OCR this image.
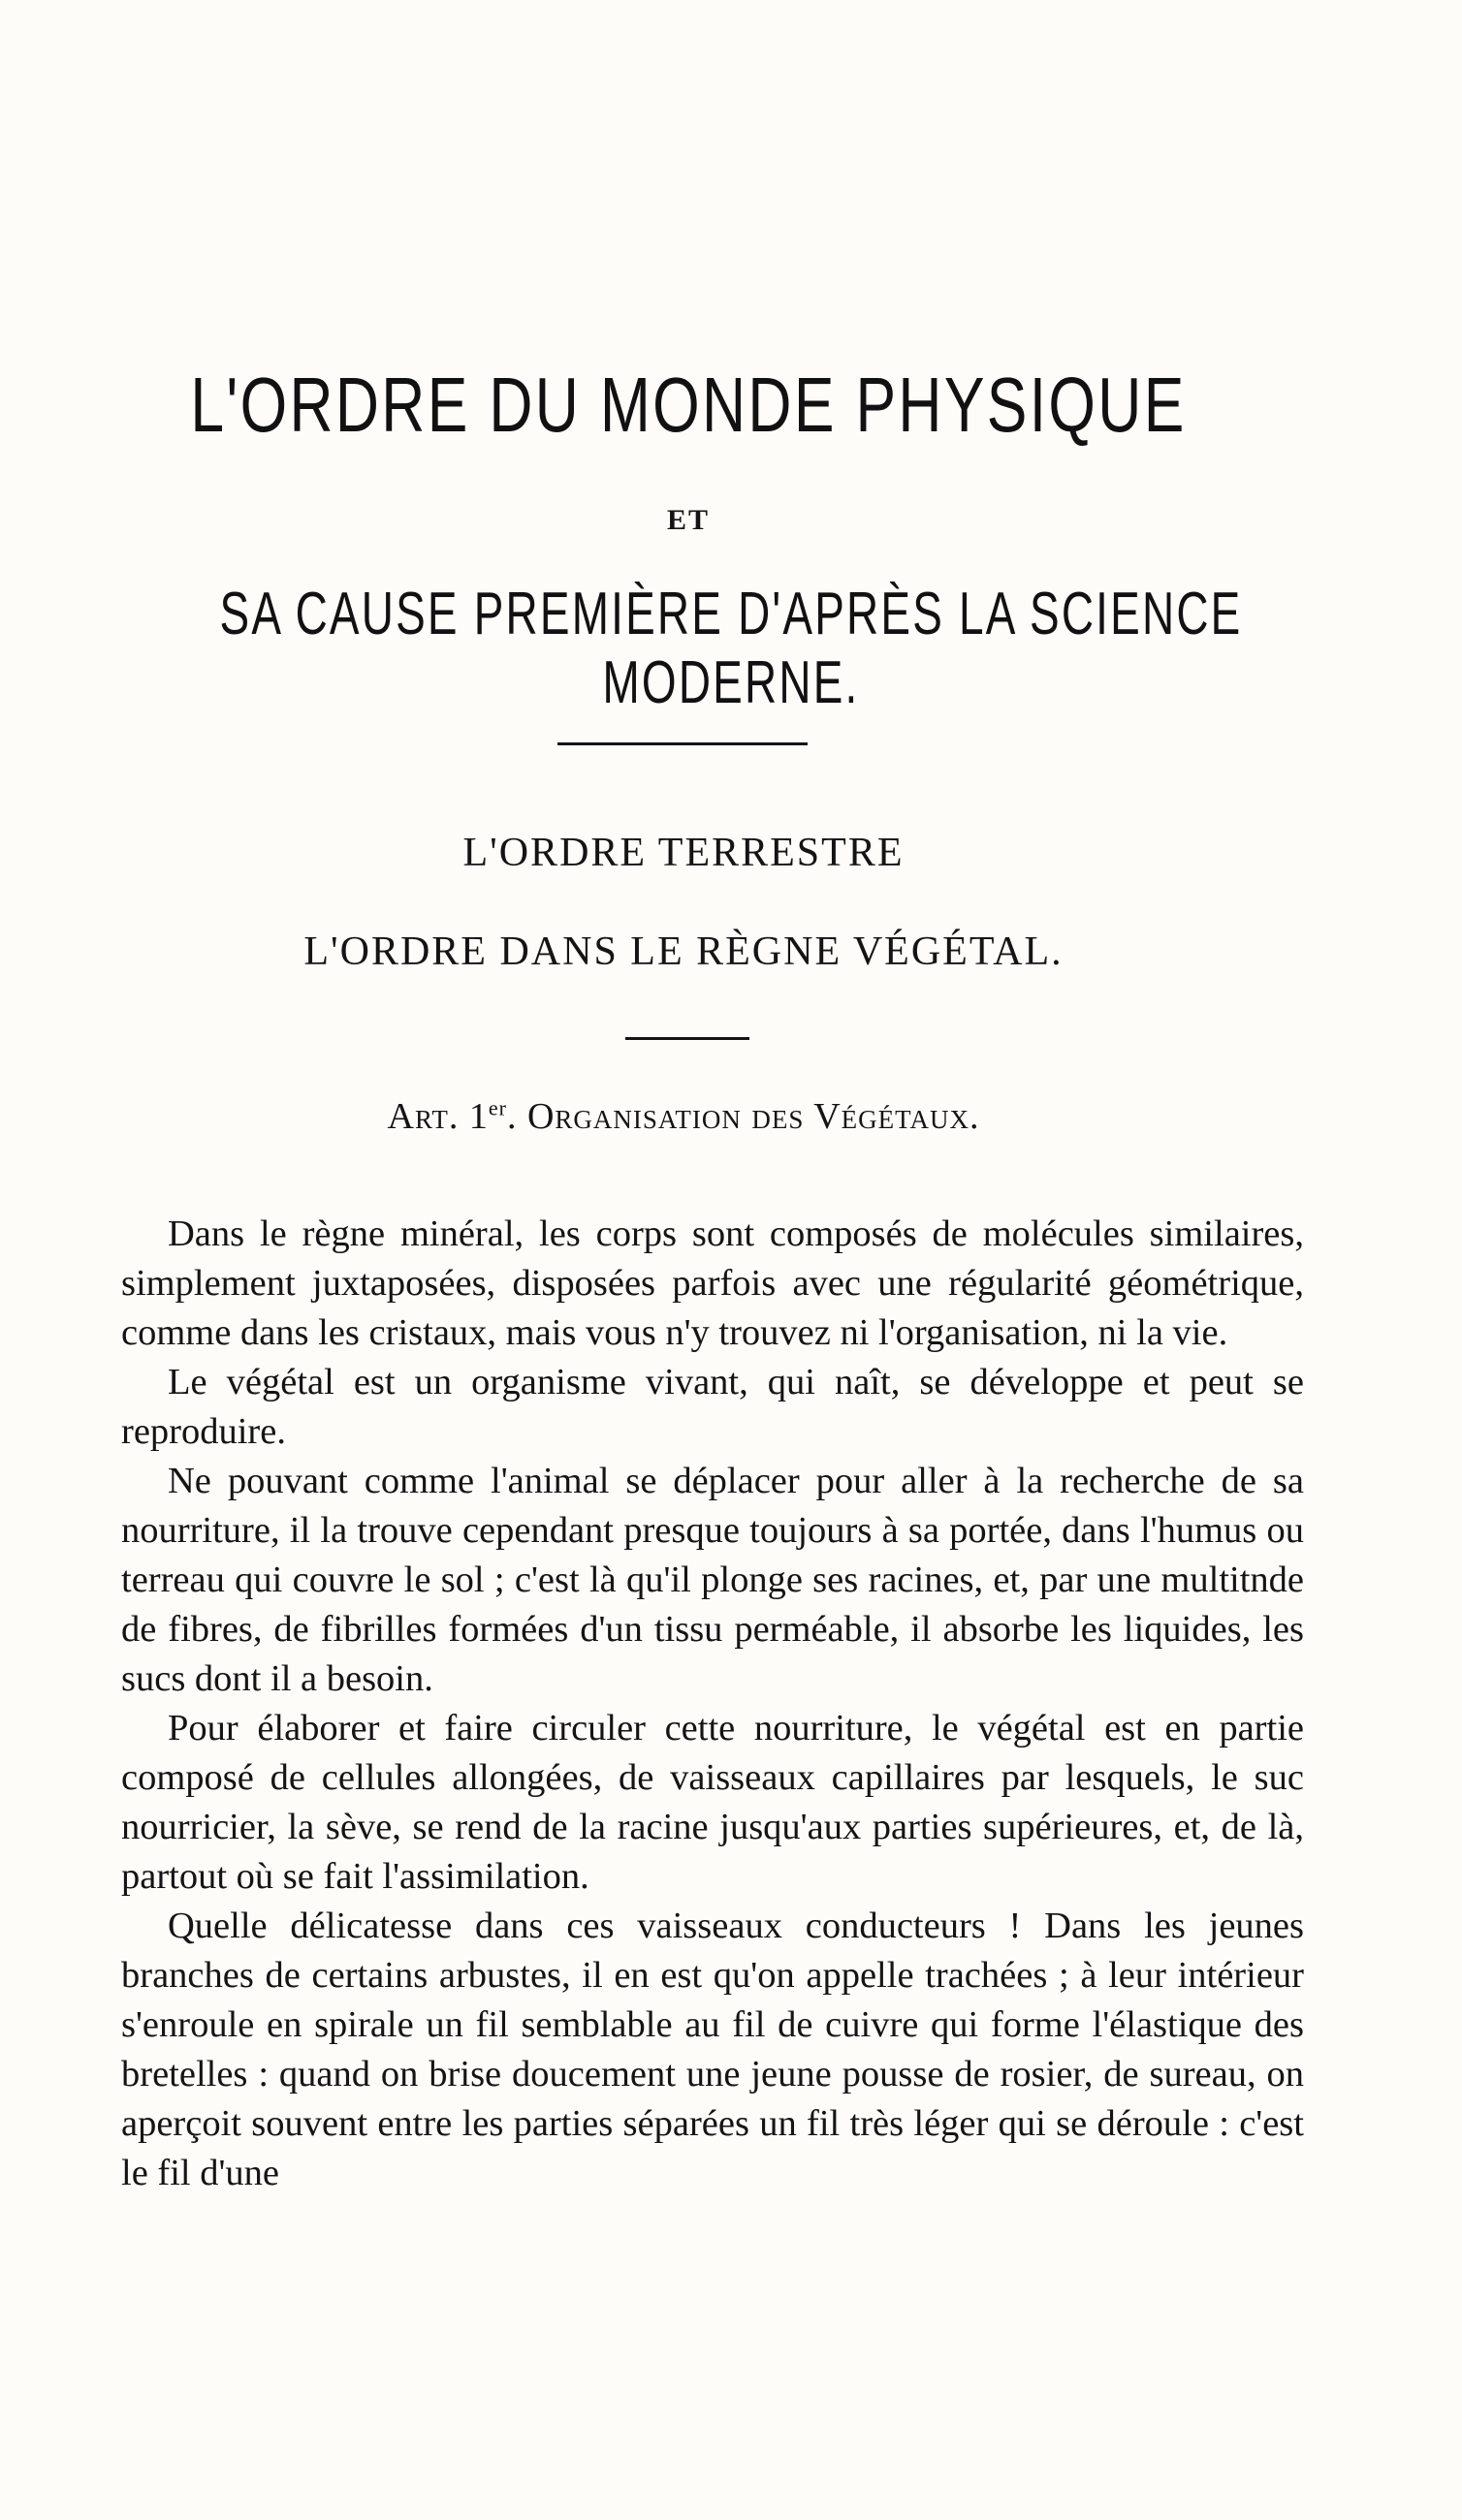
L'ORDRE DU MONDE PHYSIQUE
ET
SA CAUSE PREMIÈRE D'APRÈS LA SCIENCE MODERNE.
L'ORDRE TERRESTRE
L'ORDRE DANS LE RÈGNE VÉGÉTAL.
Art. 1er. Organisation des Végétaux.

Dans le règne minéral, les corps sont composés de molécules similaires, simplement juxtaposées, disposées parfois avec une régularité géométrique, comme dans les cristaux, mais vous n'y trouvez ni l'organisation, ni la vie.

Le végétal est un organisme vivant, qui naît, se développe et peut se reproduire.

Ne pouvant comme l'animal se déplacer pour aller à la recherche de sa nourriture, il la trouve cependant presque toujours à sa portée, dans l'humus ou terreau qui couvre le sol ; c'est là qu'il plonge ses racines, et, par une multitnde de fibres, de fibrilles formées d'un tissu perméable, il absorbe les liquides, les sucs dont il a besoin.

Pour élaborer et faire circuler cette nourriture, le végétal est en partie composé de cellules allongées, de vaisseaux capillaires par lesquels, le suc nourricier, la sève, se rend de la racine jusqu'aux parties supérieures, et, de là, partout où se fait l'assimilation.

Quelle délicatesse dans ces vaisseaux conducteurs ! Dans les jeunes branches de certains arbustes, il en est qu'on appelle trachées ; à leur intérieur s'enroule en spirale un fil semblable au fil de cuivre qui forme l'élastique des bretelles : quand on brise doucement une jeune pousse de rosier, de sureau, on aperçoit souvent entre les parties séparées un fil très léger qui se déroule : c'est le fil d'une
